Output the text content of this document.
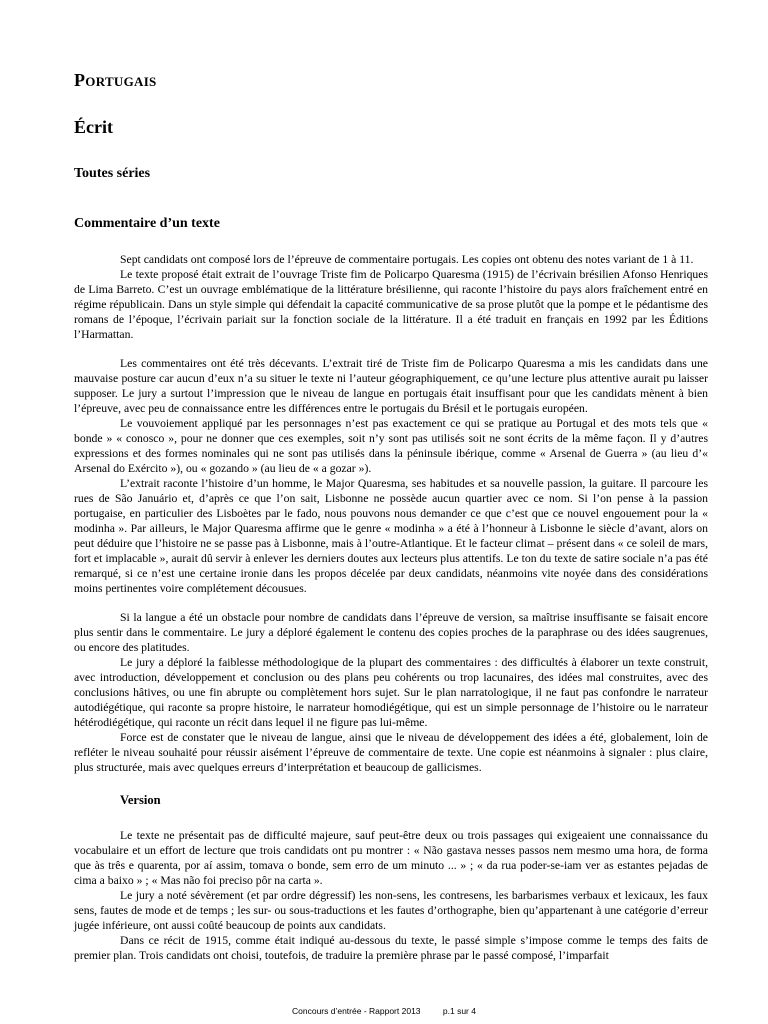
Portugais
Écrit
Toutes séries
Commentaire d’un texte

Sept candidats ont composé lors de l’épreuve de commentaire portugais. Les copies ont obtenu des notes variant de 1 à 11.

Le texte proposé était extrait de l’ouvrage Triste fim de Policarpo Quaresma (1915) de l’écrivain brésilien Afonso Henriques de Lima Barreto. C’est un ouvrage emblématique de la littérature brésilienne, qui raconte l’histoire du pays alors fraîchement entré en régime républicain. Dans un style simple qui défendait la capacité communicative de sa prose plutôt que la pompe et le pédantisme des romans de l’époque, l’écrivain pariait sur la fonction sociale de la littérature. Il a été traduit en français en 1992 par les Éditions l’Harmattan.

Les commentaires ont été très décevants. L’extrait tiré de Triste fim de Policarpo Quaresma a mis les candidats dans une mauvaise posture car aucun d’eux n’a su situer le texte ni l’auteur géographiquement, ce qu’une lecture plus attentive aurait pu laisser supposer. Le jury a surtout l’impression que le niveau de langue en portugais était insuffisant pour que les candidats mènent à bien l’épreuve, avec peu de connaissance entre les différences entre le portugais du Brésil et le portugais européen.

Le vouvoiement appliqué par les personnages n’est pas exactement ce qui se pratique au Portugal et des mots tels que « bonde » « conosco », pour ne donner que ces exemples, soit n’y sont pas utilisés soit ne sont écrits de la même façon. Il y d’autres expressions et des formes nominales qui ne sont pas utilisés dans la péninsule ibérique, comme « Arsenal de Guerra » (au lieu d’« Arsenal do Exército »), ou « gozando » (au lieu de « a gozar »).

L’extrait raconte l’histoire d’un homme, le Major Quaresma, ses habitudes et sa nouvelle passion, la guitare. Il parcoure les rues de São Januário et, d’après ce que l’on sait, Lisbonne ne possède aucun quartier avec ce nom. Si l’on pense à la passion portugaise, en particulier des Lisboètes par le fado, nous pouvons nous demander ce que c’est que ce nouvel engouement pour la « modinha ». Par ailleurs, le Major Quaresma affirme que le genre « modinha » a été à l’honneur à Lisbonne le siècle d’avant, alors on peut déduire que l’histoire ne se passe pas à Lisbonne, mais à l’outre-Atlantique. Et le facteur climat – présent dans « ce soleil de mars, fort et implacable », aurait dû servir à enlever les derniers doutes aux lecteurs plus attentifs. Le ton du texte de satire sociale n’a pas été remarqué, si ce n’est une certaine ironie dans les propos décelée par deux candidats, néanmoins vite noyée dans des considérations moins pertinentes voire complétement décousues.

Si la langue a été un obstacle pour nombre de candidats dans l’épreuve de version, sa maîtrise insuffisante se faisait encore plus sentir dans le commentaire. Le jury a déploré également le contenu des copies proches de la paraphrase ou des idées saugrenues, ou encore des platitudes.

Le jury a déploré la faiblesse méthodologique de la plupart des commentaires : des difficultés à élaborer un texte construit, avec introduction, développement et conclusion ou des plans peu cohérents ou trop lacunaires, des idées mal construites, avec des conclusions hâtives, ou une fin abrupte ou complètement hors sujet. Sur le plan narratologique, il ne faut pas confondre le narrateur autodiégétique, qui raconte sa propre histoire, le narrateur homodiégétique, qui est un simple personnage de l’histoire ou le narrateur hétérodiégétique, qui raconte un récit dans lequel il ne figure pas lui-même.

Force est de constater que le niveau de langue, ainsi que le niveau de développement des idées a été, globalement, loin de refléter le niveau souhaité pour réussir aisément l’épreuve de commentaire de texte. Une copie est néanmoins à signaler : plus claire, plus structurée, mais avec quelques erreurs d’interprétation et beaucoup de gallicismes.

Version

Le texte ne présentait pas de difficulté majeure, sauf peut-être deux ou trois passages qui exigeaient une connaissance du vocabulaire et un effort de lecture que trois candidats ont pu montrer : « Não gastava nesses passos nem mesmo uma hora, de forma que às três e quarenta, por aí assim, tomava o bonde, sem erro de um minuto ... » ; « da rua poder-se-iam ver as estantes pejadas de cima a baixo » ; « Mas não foi preciso pôr na carta ».

Le jury a noté sévèrement (et par ordre dégressif) les non-sens, les contresens, les barbarismes verbaux et lexicaux, les faux sens, fautes de mode et de temps ; les sur- ou sous-traductions et les fautes d’orthographe, bien qu’appartenant à une catégorie d’erreur jugée inférieure, ont aussi coûté beaucoup de points aux candidats.

Dans ce récit de 1915, comme était indiqué au-dessous du texte, le passé simple s’impose comme le temps des faits de premier plan. Trois candidats ont choisi, toutefois, de traduire la première phrase par le passé composé, l’imparfait

Concours d’entrée - Rapport 2013	p.1 sur 4
